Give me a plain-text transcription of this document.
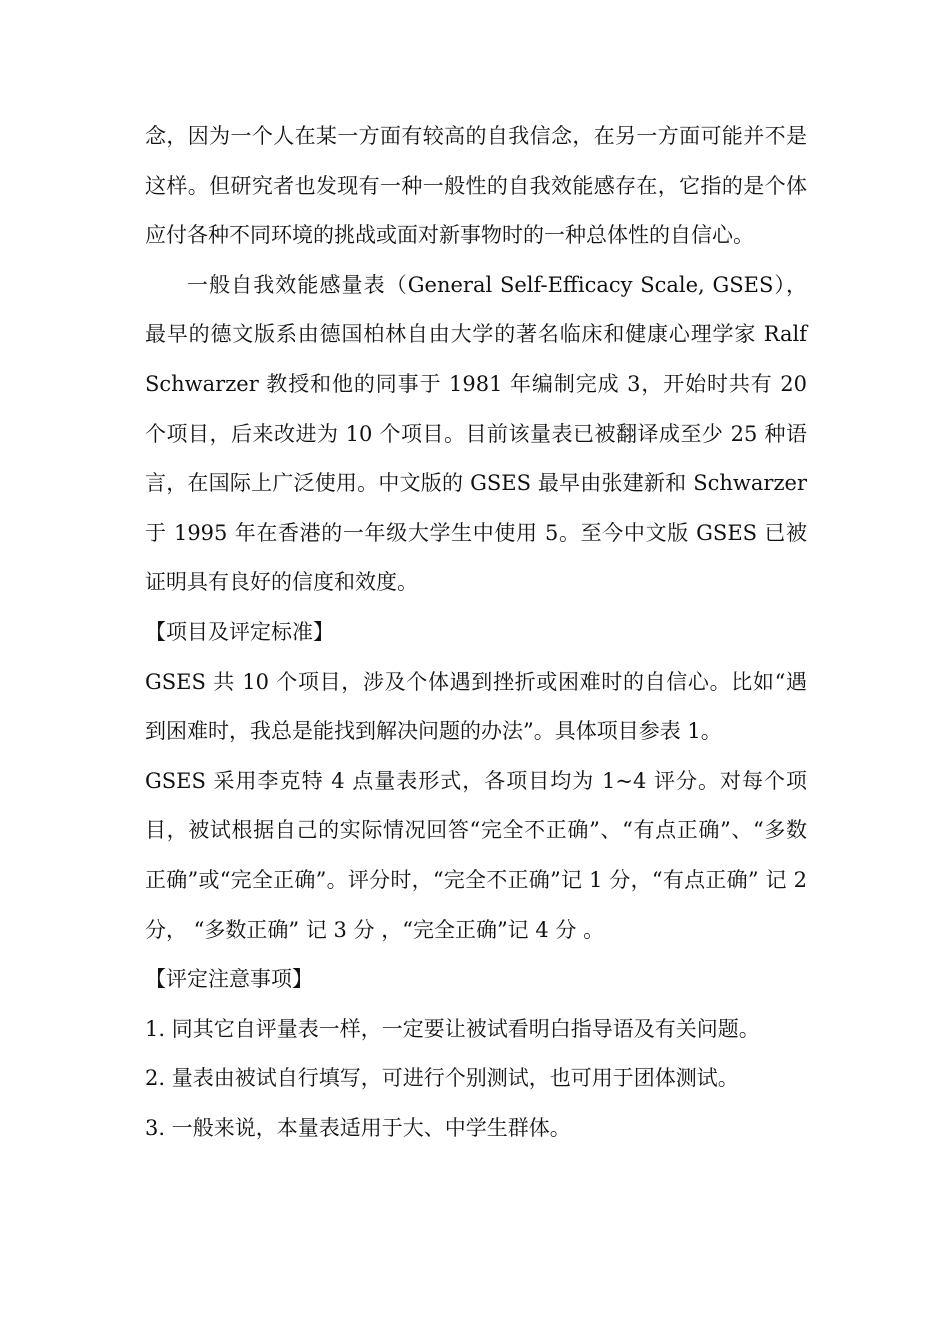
念，因为一个人在某一方面有较高的自我信念，在另一方面可能并不是这样。但研究者也发现有一种一般性的自我效能感存在，它指的是个体应付各种不同环境的挑战或面对新事物时的一种总体性的自信心。

一般自我效能感量表（General Self-Efficacy Scale, GSES），最早的德文版系由德国柏林自由大学的著名临床和健康心理学家 Ralf Schwarzer 教授和他的同事于 1981 年编制完成 3，开始时共有 20 个项目，后来改进为 10 个项目。目前该量表已被翻译成至少 25 种语言，在国际上广泛使用。中文版的 GSES 最早由张建新和 Schwarzer 于 1995 年在香港的一年级大学生中使用 5。至今中文版 GSES 已被证明具有良好的信度和效度。

【项目及评定标准】

GSES 共 10 个项目，涉及个体遇到挫折或困难时的自信心。比如“遇到困难时，我总是能找到解决问题的办法”。具体项目参表 1。

GSES 采用李克特 4 点量表形式，各项目均为 1~4 评分。对每个项目，被试根据自己的实际情况回答“完全不正确”、“有点正确”、“多数正确”或“完全正确”。评分时，“完全不正确”记 1 分，“有点正确” 记 2 分， “多数正确” 记 3 分 ，“完全正确”记 4 分 。

【评定注意事项】

1. 同其它自评量表一样，一定要让被试看明白指导语及有关问题。

2. 量表由被试自行填写，可进行个别测试，也可用于团体测试。

3. 一般来说，本量表适用于大、中学生群体。
